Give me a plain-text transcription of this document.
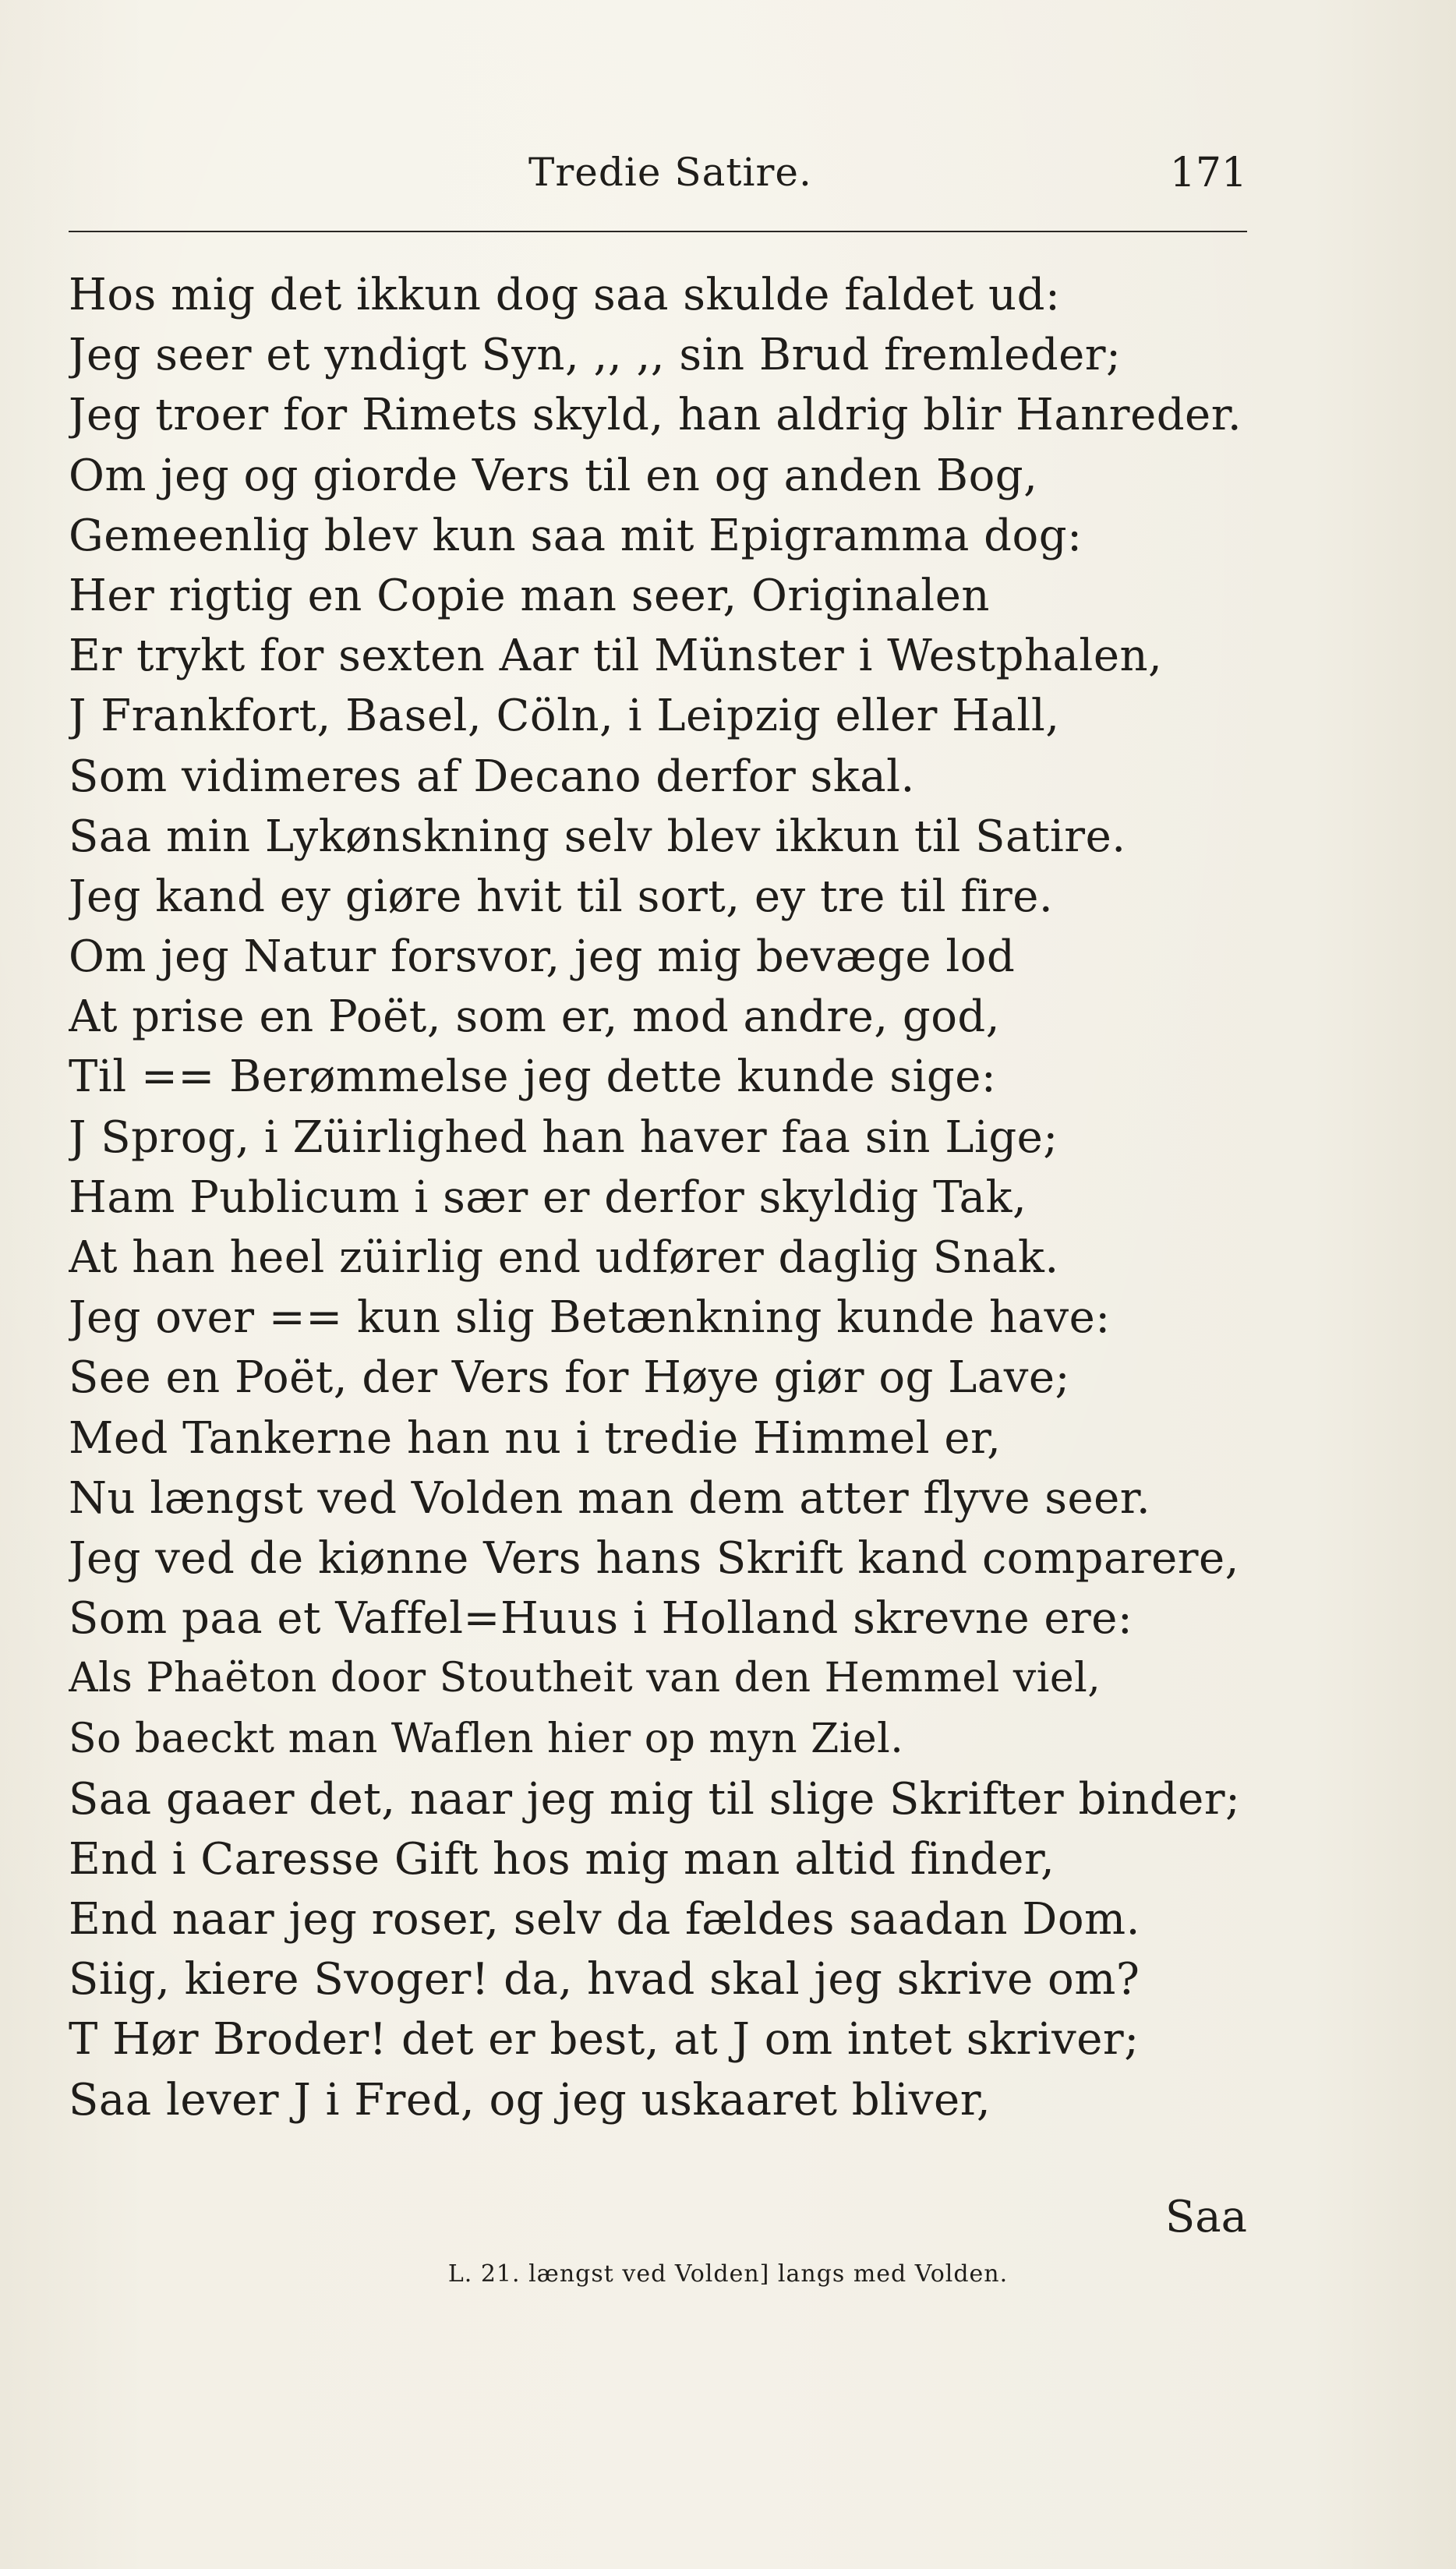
Tredie Satire.	171
Hos mig det ikkun dog saa skulde faldet ud:
Jeg seer et yndigt Syn, ,, ,, sin Brud fremleder;
Jeg troer for Rimets skyld, han aldrig blir Hanreder.
Om jeg og giorde Vers til en og anden Bog,
Gemeenlig blev kun saa mit Epigramma dog:
Her rigtig en Copie man seer, Originalen
Er trykt for sexten Aar til Münster i Westphalen,
J Frankfort, Basel, Cöln, i Leipzig eller Hall,
Som vidimeres af Decano derfor skal.
Saa min Lykønskning selv blev ikkun til Satire.
Jeg kand ey giøre hvit til sort, ey tre til fire.
Om jeg Natur forsvor, jeg mig bevæge lod
At prise en Poët, som er, mod andre, god,
Til == Berømmelse jeg dette kunde sige:
J Sprog, i Züirlighed han haver faa sin Lige;
Ham Publicum i sær er derfor skyldig Tak,
At han heel züirlig end udfører daglig Snak.
Jeg over == kun slig Betænkning kunde have:
See en Poët, der Vers for Høye giør og Lave;
Med Tankerne han nu i tredie Himmel er,
Nu længst ved Volden man dem atter flyve seer.
Jeg ved de kiønne Vers hans Skrift kand comparere,
Som paa et Vaffel=Huus i Holland skrevne ere:
Als Phaëton door Stoutheit van den Hemmel viel,
So baeckt man Waflen hier op myn Ziel.
Saa gaaer det, naar jeg mig til slige Skrifter binder;
End i Caresse Gift hos mig man altid finder,
End naar jeg roser, selv da fældes saadan Dom.
Siig, kiere Svoger! da, hvad skal jeg skrive om?
T Hør Broder! det er best, at J om intet skriver;
Saa lever J i Fred, og jeg uskaaret bliver,
Saa
L. 21. længst ved Volden] langs med Volden.
